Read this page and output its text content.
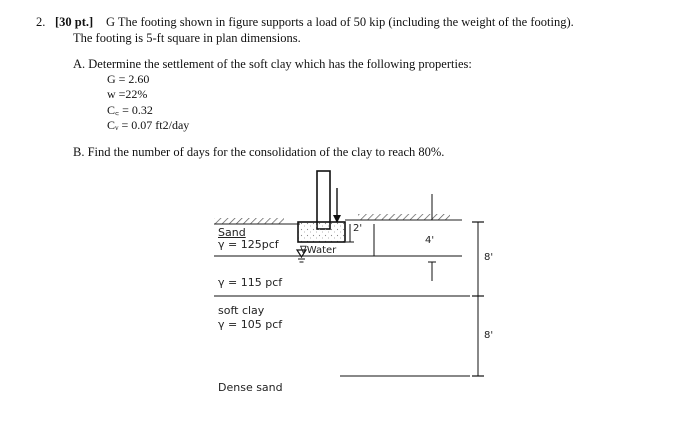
2. [30 pt.] G The footing shown in figure supports a load of 50 kip (including the weight of the footing).
The footing is 5-ft square in plan dimensions.
A. Determine the settlement of the soft clay which has the following properties:
G = 2.60
w =22%
C꜀ = 0.32
Cᵥ = 0.07 ft2/day
B. Find the number of days for the consolidation of the clay to reach 80%.
Sand
γ = 125pcf ∇Water
γ = 115 pcf
soft clay
γ = 105 pcf
Dense sand
2'
4'
8'
8'
